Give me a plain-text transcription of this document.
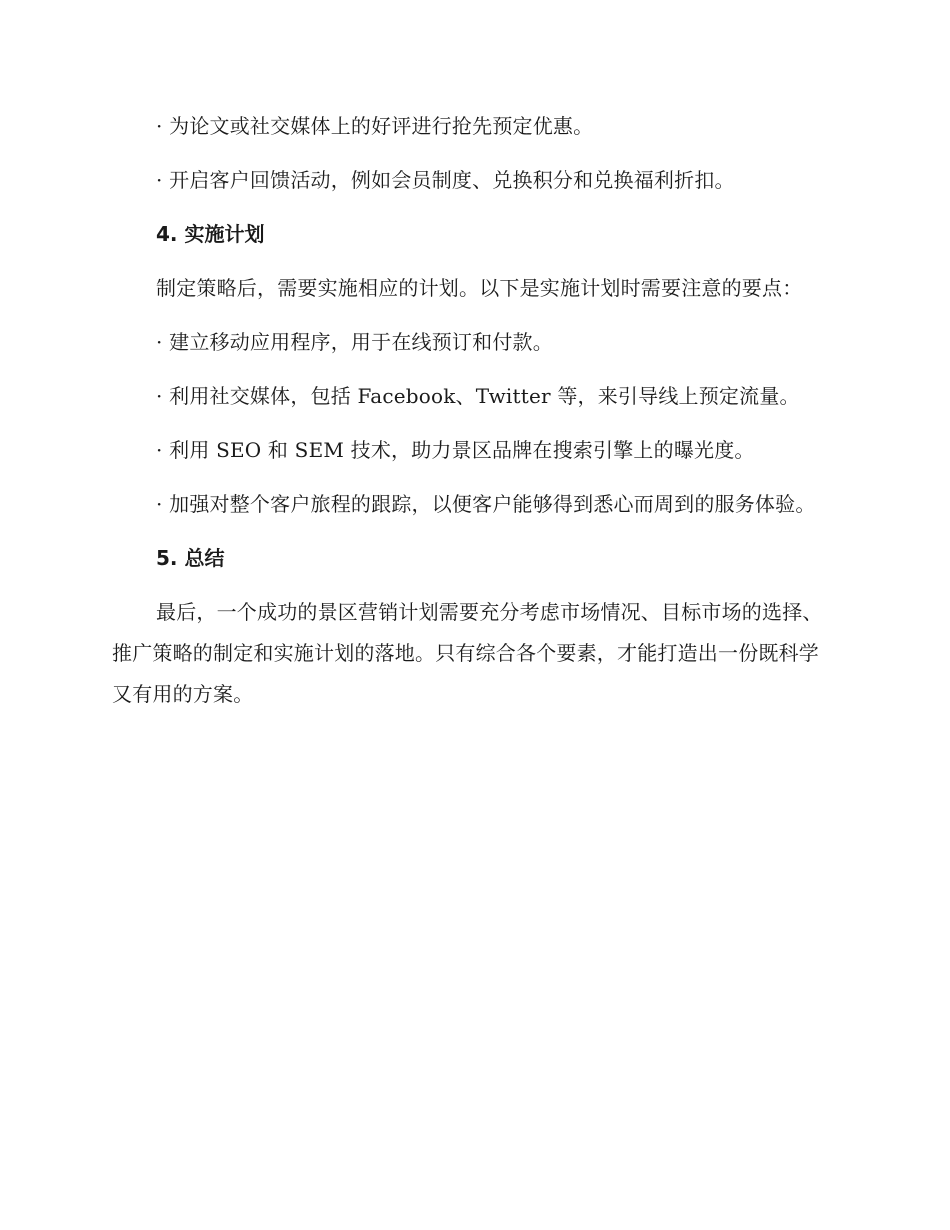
· 为论文或社交媒体上的好评进行抢先预定优惠。

· 开启客户回馈活动，例如会员制度、兑换积分和兑换福利折扣。

4. 实施计划

制定策略后，需要实施相应的计划。以下是实施计划时需要注意的要点：

· 建立移动应用程序，用于在线预订和付款。

· 利用社交媒体，包括 Facebook、Twitter 等，来引导线上预定流量。

· 利用 SEO 和 SEM 技术，助力景区品牌在搜索引擎上的曝光度。

· 加强对整个客户旅程的跟踪，以便客户能够得到悉心而周到的服务体验。

5. 总结

最后，一个成功的景区营销计划需要充分考虑市场情况、目标市场的选择、推广策略的制定和实施计划的落地。只有综合各个要素，才能打造出一份既科学又有用的方案。
